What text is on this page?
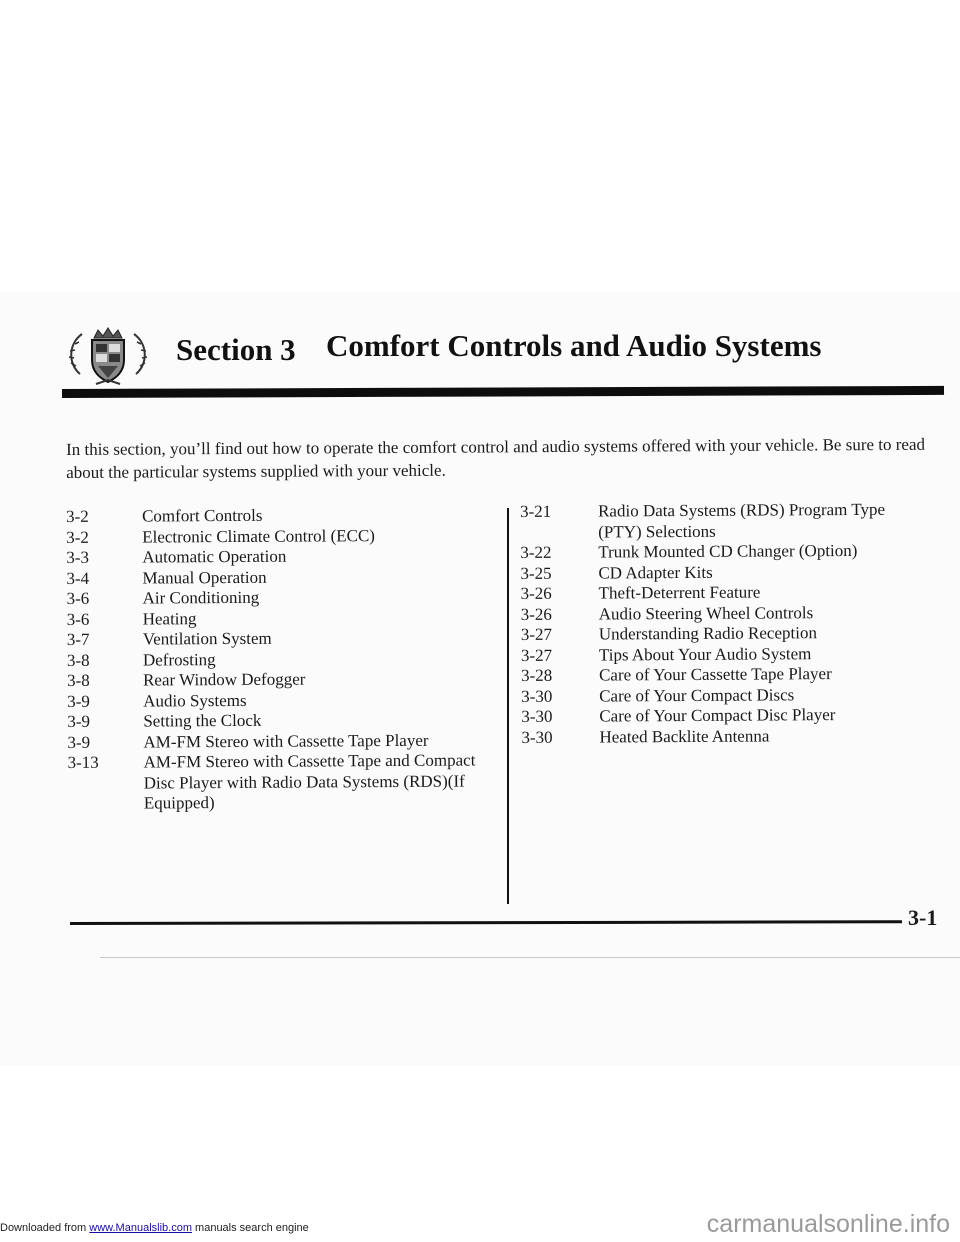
Section 3 Comfort Controls and Audio Systems

In this section, you’ll find out how to operate the comfort control and audio systems offered with your vehicle. Be sure to read about the particular systems supplied with your vehicle.

3-2	Comfort Controls
3-2	Electronic Climate Control (ECC)
3-3	Automatic Operation
3-4	Manual Operation
3-6	Air Conditioning
3-6	Heating
3-7	Ventilation System
3-8	Defrosting
3-8	Rear Window Defogger
3-9	Audio Systems
3-9	Setting the Clock
3-9	AM-FM Stereo with Cassette Tape Player
3-13	AM-FM Stereo with Cassette Tape and Compact Disc Player with Radio Data Systems (RDS)(If Equipped)
3-21	Radio Data Systems (RDS) Program Type (PTY) Selections
3-22	Trunk Mounted CD Changer (Option)
3-25	CD Adapter Kits
3-26	Theft-Deterrent Feature
3-26	Audio Steering Wheel Controls
3-27	Understanding Radio Reception
3-27	Tips About Your Audio System
3-28	Care of Your Cassette Tape Player
3-30	Care of Your Compact Discs
3-30	Care of Your Compact Disc Player
3-30	Heated Backlite Antenna
3-1
Downloaded from www.Manualslib.com manuals search engine	carmanualsonline.info
